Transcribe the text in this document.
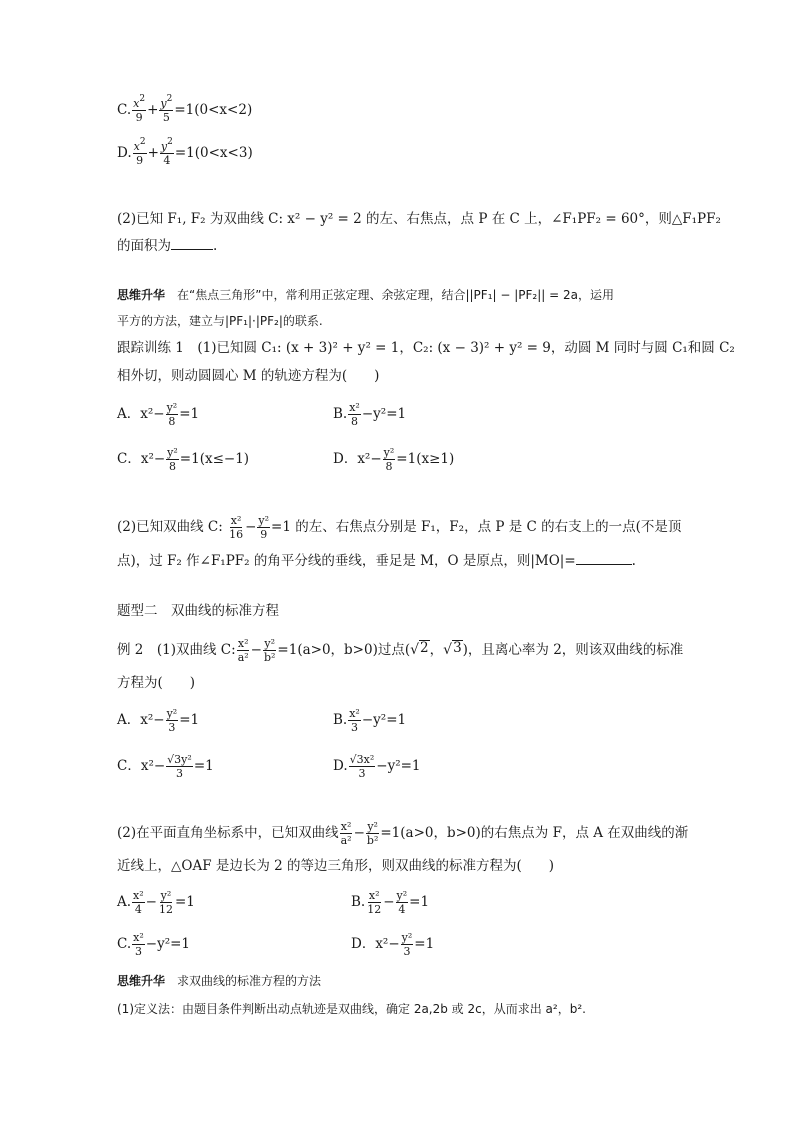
C. $\frac{x^2}{9} + \frac{y^2}{5} =1(0<x<2)$
D. $\frac{x^2}{9} + \frac{y^2}{4} =1(0<x<3)$
(2)已知 F₁, F₂ 为双曲线 C: x² − y² = 2 的左、右焦点，点 P 在 C 上，∠F₁PF₂ = 60°，则△F₁PF₂
的面积为	.
思维升华　 在“焦点三角形”中，常利用正弦定理、余弦定理，结合||PF₁| − |PF₂|| = 2a，运用
平方的方法，建立与|PF₁|·|PF₂|的联系.
跟踪训练 1　(1)已知圆 C₁: (x + 3)² + y² = 1，C₂: (x − 3)² + y² = 9，动圆 M 同时与圆 C₁和圆 C₂
相外切，则动圆圆心 M 的轨迹方程为(　　)
A．$x^2- \frac{\text{y²}}{8} =1$	B. $\frac{\text{x²}}{8} -y^2=1$
C．$x^2- \frac{\text{y²}}{8} =1(x\le-1)$	D．$x^2- \frac{\text{y²}}{8} =1(x\ge 1)$
(2)已知双曲线 C: $\frac{\text{x²}}{16} - \frac{\text{y²}}{9} =1$ 的左、右焦点分别是 F₁，F₂，点 P 是 C 的右支上的一点(不是顶
点)，过 F₂ 作∠F₁PF₂ 的角平分线的垂线，垂足是 M，O 是原点，则|MO|=	.
题型二　双曲线的标准方程
例 2　(1)双曲线 C: $\frac{\text{x²}}{\text{a²}} - \frac{\text{y²}}{\text{b²}} =1(a>0$，b>0)过点( √ 2 ， √ 3 )，且离心率为 2，则该双曲线的标准
方程为(　　)
A．$x^2- \frac{\text{y²}}{3} =1$	B. $\frac{\text{x²}}{3} -y^2=1$
C．$x^2- \frac{\text{√3y²}}{3} =1$	D. $\frac{\text{√3x²}}{3} -y^2=1$
(2)在平面直角坐标系中，已知双曲线 $\frac{\text{x²}}{\text{a²}} - \frac{\text{y²}}{\text{b²}} =1(a>0$，b>0)的右焦点为 F，点 A 在双曲线的渐
近线上，△OAF 是边长为 2 的等边三角形，则双曲线的标准方程为(　　)
A. $\frac{\text{x²}}{4} - \frac{\text{y²}}{12} =1$	B. $\frac{\text{x²}}{12} - \frac{\text{y²}}{4} =1$
C. $\frac{\text{x²}}{3} -y^2=1$	D．$x^2- \frac{\text{y²}}{3} =1$
思维升华　 求双曲线的标准方程的方法
(1)定义法：由题目条件判断出动点轨迹是双曲线，确定 2a,2b 或 2c，从而求出 a²，b².
